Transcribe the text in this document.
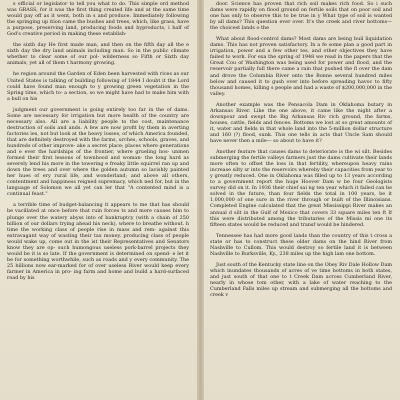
s official or legislator to tell you what to do. This simple ord method was GRASS, for it was the first thing created life and at the same time would pay off as it went, both in s and produce. Immediately following the springing up ition came the bushes and trees, which, like grass, have a purpose, preserving land, producing foods and byproducts, i half of God's creative period in making these establish-

the sixth day He first made man, and then on the fifth day all the e sixth day the dry land animals including man. So in the public climate whether to clear some of our pol- wilderness so Fifth or Sixth day animals, yet all of them t harmony growing.

he region around the Garden of Eden been harvested with rices as our United States is talking of building following of 1844 I doubt it the Lord could have found man enough to y growing green vegetation in the Spring time, which to- a section, so we might have had to make him with a bull on his

judgment our government is going entirely too far in the of dams. Some are necessary for irrigation but more health of the country are necessary also. All are a liability people to the cost, maintenance destruction of soils and ands. A few are now profit by them in averting factories ies, not but look at the heavy losses, of which America founded, that are definitely destroyed with the farms, urches, schools, graves, and hundreds of other improve- ake a secret place; places where generations and e ever the hardships of the frontier, where grueling hos- unmen formed their first lessons of townhood and woman- the long hard as severely lend his more in the towering e freaky little squirrel ran up and down the trees and over where the golden autumn so lavishly painted her hues of ery rural life, and wonderland; and above all others, contentment and happiness reigned supremacy, which ned for, but in the language of Solomon we all yet can ler that "A contented mind is a continual feast."

a terrible time of budget-balancing it appears to me that has should be vacillated at once before that ruin forces ts and more causes him to plunge over the watery abyss into of bankruptcy (with a chain of 250 billion of our dollars trying ahead his neck), where to breathe without. h time the working class of people rise in mass and rem- against this extravagant way of wasting their tax money. producing class of people would wake up, come out in the ist their Representatives and Senators know they are op- such humongous useless pork-barrel projects they would be it is so late. If the government is determined on spend- e let it be for something worthwhile, such as roads and y every community. The 25 billions now ear-marked for of over useless River would keep every farmer in America in pro- ing farm and home and build a hard-surfaced road by his

door. Science has proven that rich soil makes rich food. So i such dams were rapidly on flood ground on fertile soils that on poor soil and one has only to observe this to be true in y What type of soil is wanted by all dams? This question ever over. It's the creek and river bottoms—the choicest lands o the

What about flood-control dams? Most dams are being buil liquidation dams. This has not proven satisfactory. In a fe some plan a good part in irrigation, power and a few other tes, and other objectives they have failed to work. For exa the spring of 1948 we read in the papers that the Great Cou of Washington was being used for power and flood, and the reservoir partially full there came a rain that pushed the fl over the dam and drove the Columbia River onto the Bonne several hundred miles below and caused it to gush over into before spreading havoc to fifty thousand homes, killing s people and had a waste of $200,000,000 in the valley.

Another example was the Pensacola Dam in Oklahoma butary in Arkansas River. Like the one above, it came like the night after a downpour and swept the Big Arkansas Riv rich ground, the farms, houses, cattle, fields and fences. Bottoms we lost at so great amounts of it, water and fields in that whole land into the 5-million dollar structure and 160 (?) flood, sunk. This one tells in acts that Uncle Sam should have never then a mile— so about to have it?

Another feature that causes dams to deteriorate is the wi silt. Besides submerging the fertile valleys farmers just the dams cultivate their lands more often to offset the loss in that fertility, whereupon heavy rains increase silty sr into the reservoirs whereby their capacities from year to y greatly reduced. One in Oklahoma was filled up to 13 years according to a government report the huge Hoover Dam w be four Geologists survey did on it. In 1936 their chief sai ng ten year which it failed can be solved in the future, than four fields the total in 100 years, be it 1,000,000 of one sure in the river through or built of the Illinoisians. Completed Engine calculated that the great Mississippi River makes an annual d silt in the Gulf of Mexico that covers 33 square miles ten ft If this were distributed among the tributaries of the Missis mi one its fifteen states would be reduced and transf would be hindered.

Tennessee has had more good lands than the country of this t cross a state or has to construct these older dams on the hind River from Nashville to Cullom. This would destroy so fertile land it is between Nashville to Burksville, Ky., 238 miles up the high lam one bottom.

Just south of the Kentucky state line on the Obey Riv Dale Hollow Dam which inundates thousands of acres of ve time bottoms in both states, and just south of that one to t Creek Dam across Cumberland River, nearly in whose tom other, with a lake of water reaching to the Cumberland Falls miles up stream and submerging all the bottoms and creek v
